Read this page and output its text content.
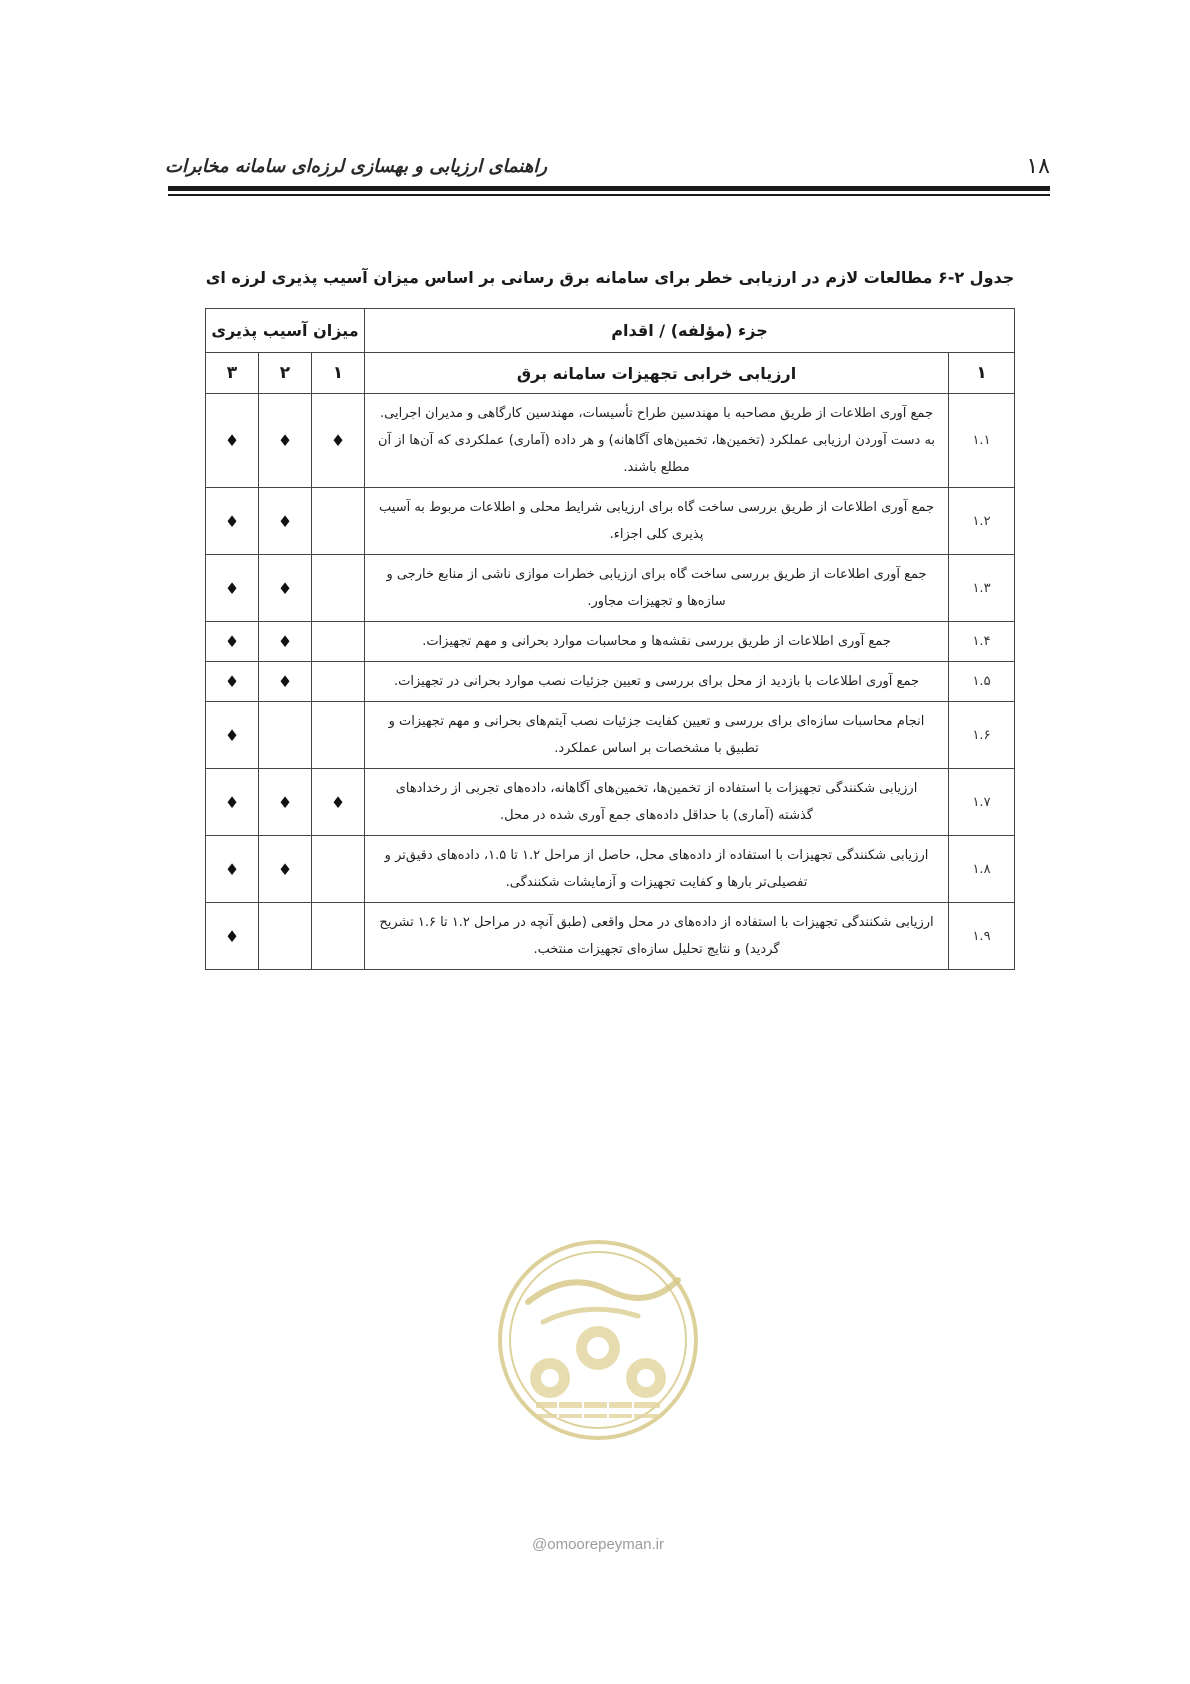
۱۸
راهنمای ارزیابی و بهسازی لرزه‌ای سامانه مخابرات
جدول ۲-۶ مطالعات لازم در ارزیابی خطر برای سامانه برق رسانی بر اساس میزان آسیب پذیری لرزه ای
جزء (مؤلفه) / اقدام		میزان آسیب پذیری		
۱	ارزیابی خرابی تجهیزات سامانه برق	۱	۲	۳
۱.۱	جمع آوری اطلاعات از طریق مصاحبه با مهندسین طراح تأسیسات، مهندسین کارگاهی و مدیران اجرایی. به دست آوردن ارزیابی عملکرد (تخمین‌ها، تخمین‌های آگاهانه) و هر داده (آماری) عملکردی که آن‌ها از آن مطلع باشند.	♦	♦	♦
۱.۲	جمع آوری اطلاعات از طریق بررسی ساخت گاه برای ارزیابی شرایط محلی و اطلاعات مربوط به آسیب پذیری کلی اجزاء.		♦	♦
۱.۳	جمع آوری اطلاعات از طریق بررسی ساخت گاه برای ارزیابی خطرات موازی ناشی از منابع خارجی و سازه‌ها و تجهیزات مجاور.		♦	♦
۱.۴	جمع آوری اطلاعات از طریق بررسی نقشه‌ها و محاسبات موارد بحرانی و مهم تجهیزات.		♦	♦
۱.۵	جمع آوری اطلاعات با بازدید از محل برای بررسی و تعیین جزئیات نصب موارد بحرانی در تجهیزات.		♦	♦
۱.۶	انجام محاسبات سازه‌ای برای بررسی و تعیین کفایت جزئیات نصب آیتم‌های بحرانی و مهم تجهیزات و تطبیق با مشخصات بر اساس عملکرد.			♦
۱.۷	ارزیابی شکنندگی تجهیزات با استفاده از تخمین‌ها، تخمین‌های آگاهانه، داده‌های تجربی از رخدادهای گذشته (آماری) با حداقل داده‌های جمع آوری شده در محل.	♦	♦	♦
۱.۸	ارزیابی شکنندگی تجهیزات با استفاده از داده‌های محل، حاصل از مراحل ۱.۲ تا ۱.۵، داده‌های دقیق‌تر و تفصیلی‌تر بارها و کفایت تجهیزات و آزمایشات شکنندگی.		♦	♦
۱.۹	ارزیابی شکنندگی تجهیزات با استفاده از داده‌های در محل واقعی (طبق آنچه در مراحل ۱.۲ تا ۱.۶ تشریح گردید) و نتایج تحلیل سازه‌ای تجهیزات منتخب.			♦
@omoorepeyman.ir
